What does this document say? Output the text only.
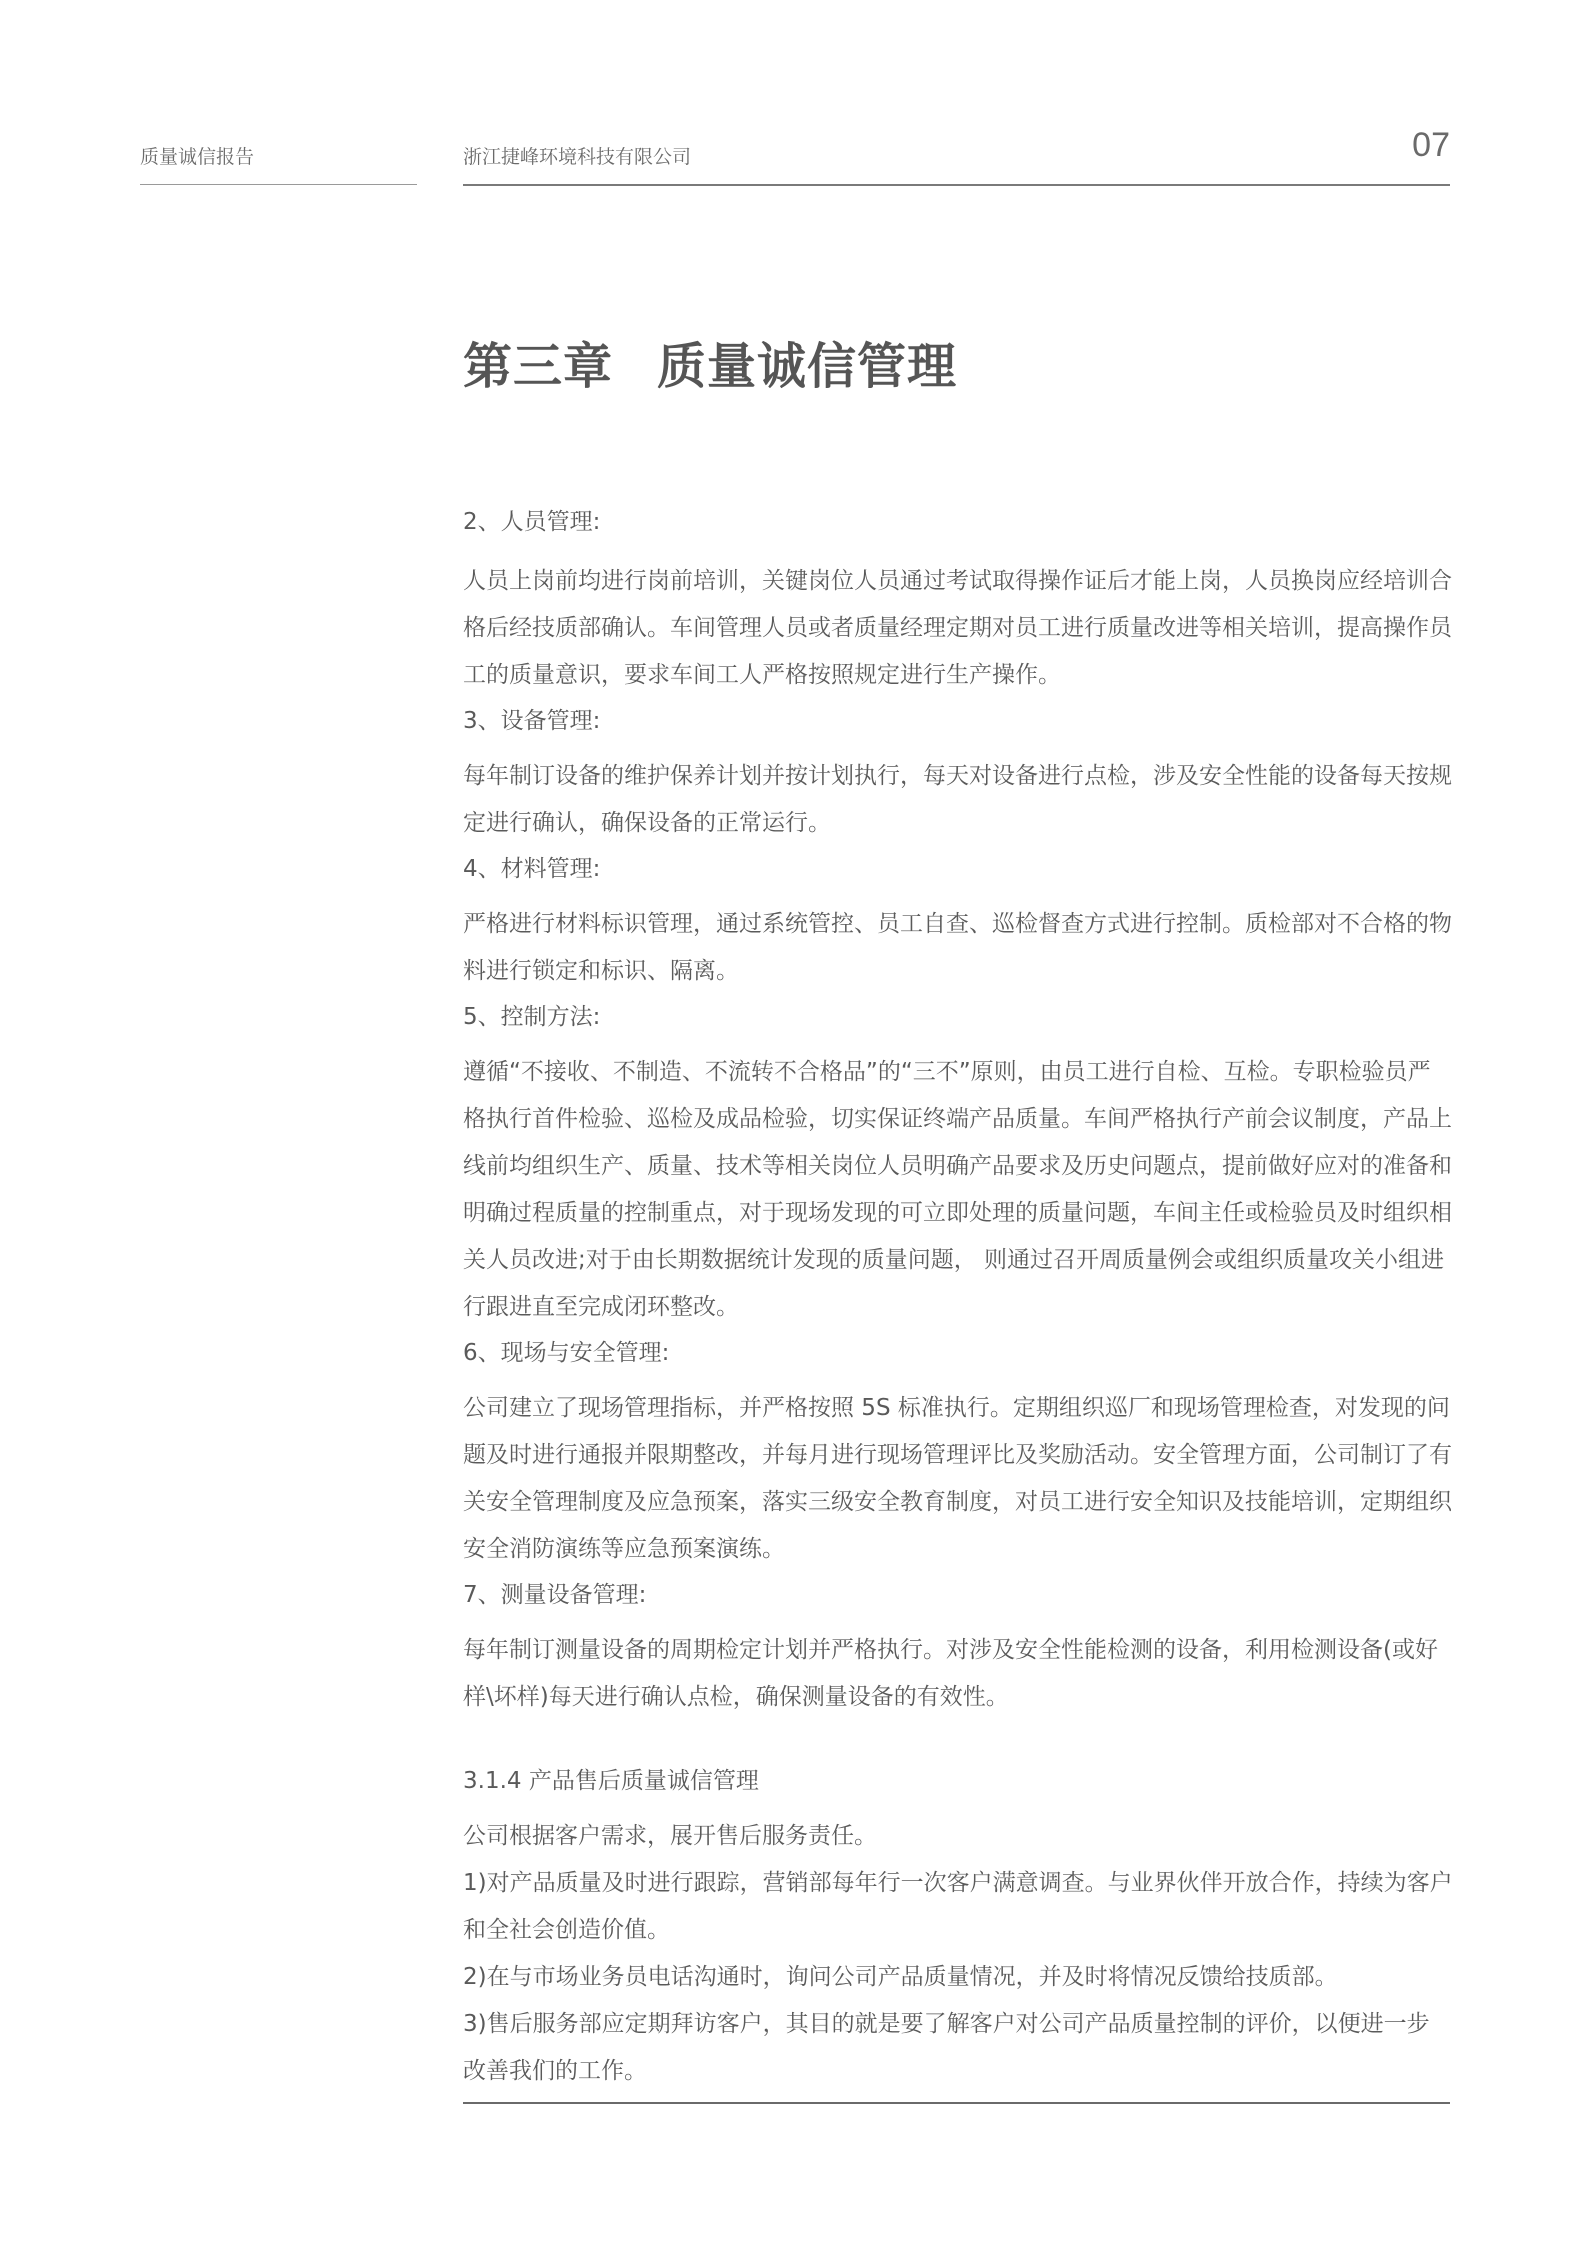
质量诚信报告	浙江捷峰环境科技有限公司	07
第三章 质量诚信管理

2、人员管理:

人员上岗前均进行岗前培训，关键岗位人员通过考试取得操作证后才能上岗，人员换岗应经培训合格后经技质部确认。车间管理人员或者质量经理定期对员工进行质量改进等相关培训，提高操作员工的质量意识，要求车间工人严格按照规定进行生产操作。

3、设备管理:

每年制订设备的维护保养计划并按计划执行，每天对设备进行点检，涉及安全性能的设备每天按规定进行确认，确保设备的正常运行。

4、材料管理:

严格进行材料标识管理，通过系统管控、员工自查、巡检督查方式进行控制。质检部对不合格的物料进行锁定和标识、隔离。

5、控制方法:

遵循“不接收、不制造、不流转不合格品”的“三不”原则，由员工进行自检、互检。专职检验员严格执行首件检验、巡检及成品检验，切实保证终端产品质量。车间严格执行产前会议制度，产品上线前均组织生产、质量、技术等相关岗位人员明确产品要求及历史问题点，提前做好应对的准备和明确过程质量的控制重点，对于现场发现的可立即处理的质量问题，车间主任或检验员及时组织相关人员改进;对于由长期数据统计发现的质量问题， 则通过召开周质量例会或组织质量攻关小组进行跟进直至完成闭环整改。

6、现场与安全管理:

公司建立了现场管理指标，并严格按照 5S 标准执行。定期组织巡厂和现场管理检查，对发现的问题及时进行通报并限期整改，并每月进行现场管理评比及奖励活动。安全管理方面，公司制订了有关安全管理制度及应急预案，落实三级安全教育制度，对员工进行安全知识及技能培训，定期组织安全消防演练等应急预案演练。

7、测量设备管理:

每年制订测量设备的周期检定计划并严格执行。对涉及安全性能检测的设备，利用检测设备(或好样\坏样)每天进行确认点检，确保测量设备的有效性。

3.1.4 产品售后质量诚信管理

公司根据客户需求，展开售后服务责任。

1)对产品质量及时进行跟踪，营销部每年行一次客户满意调查。与业界伙伴开放合作，持续为客户和全社会创造价值。

2)在与市场业务员电话沟通时，询问公司产品质量情况，并及时将情况反馈给技质部。

3)售后服务部应定期拜访客户，其目的就是要了解客户对公司产品质量控制的评价，以便进一步 改善我们的工作。
